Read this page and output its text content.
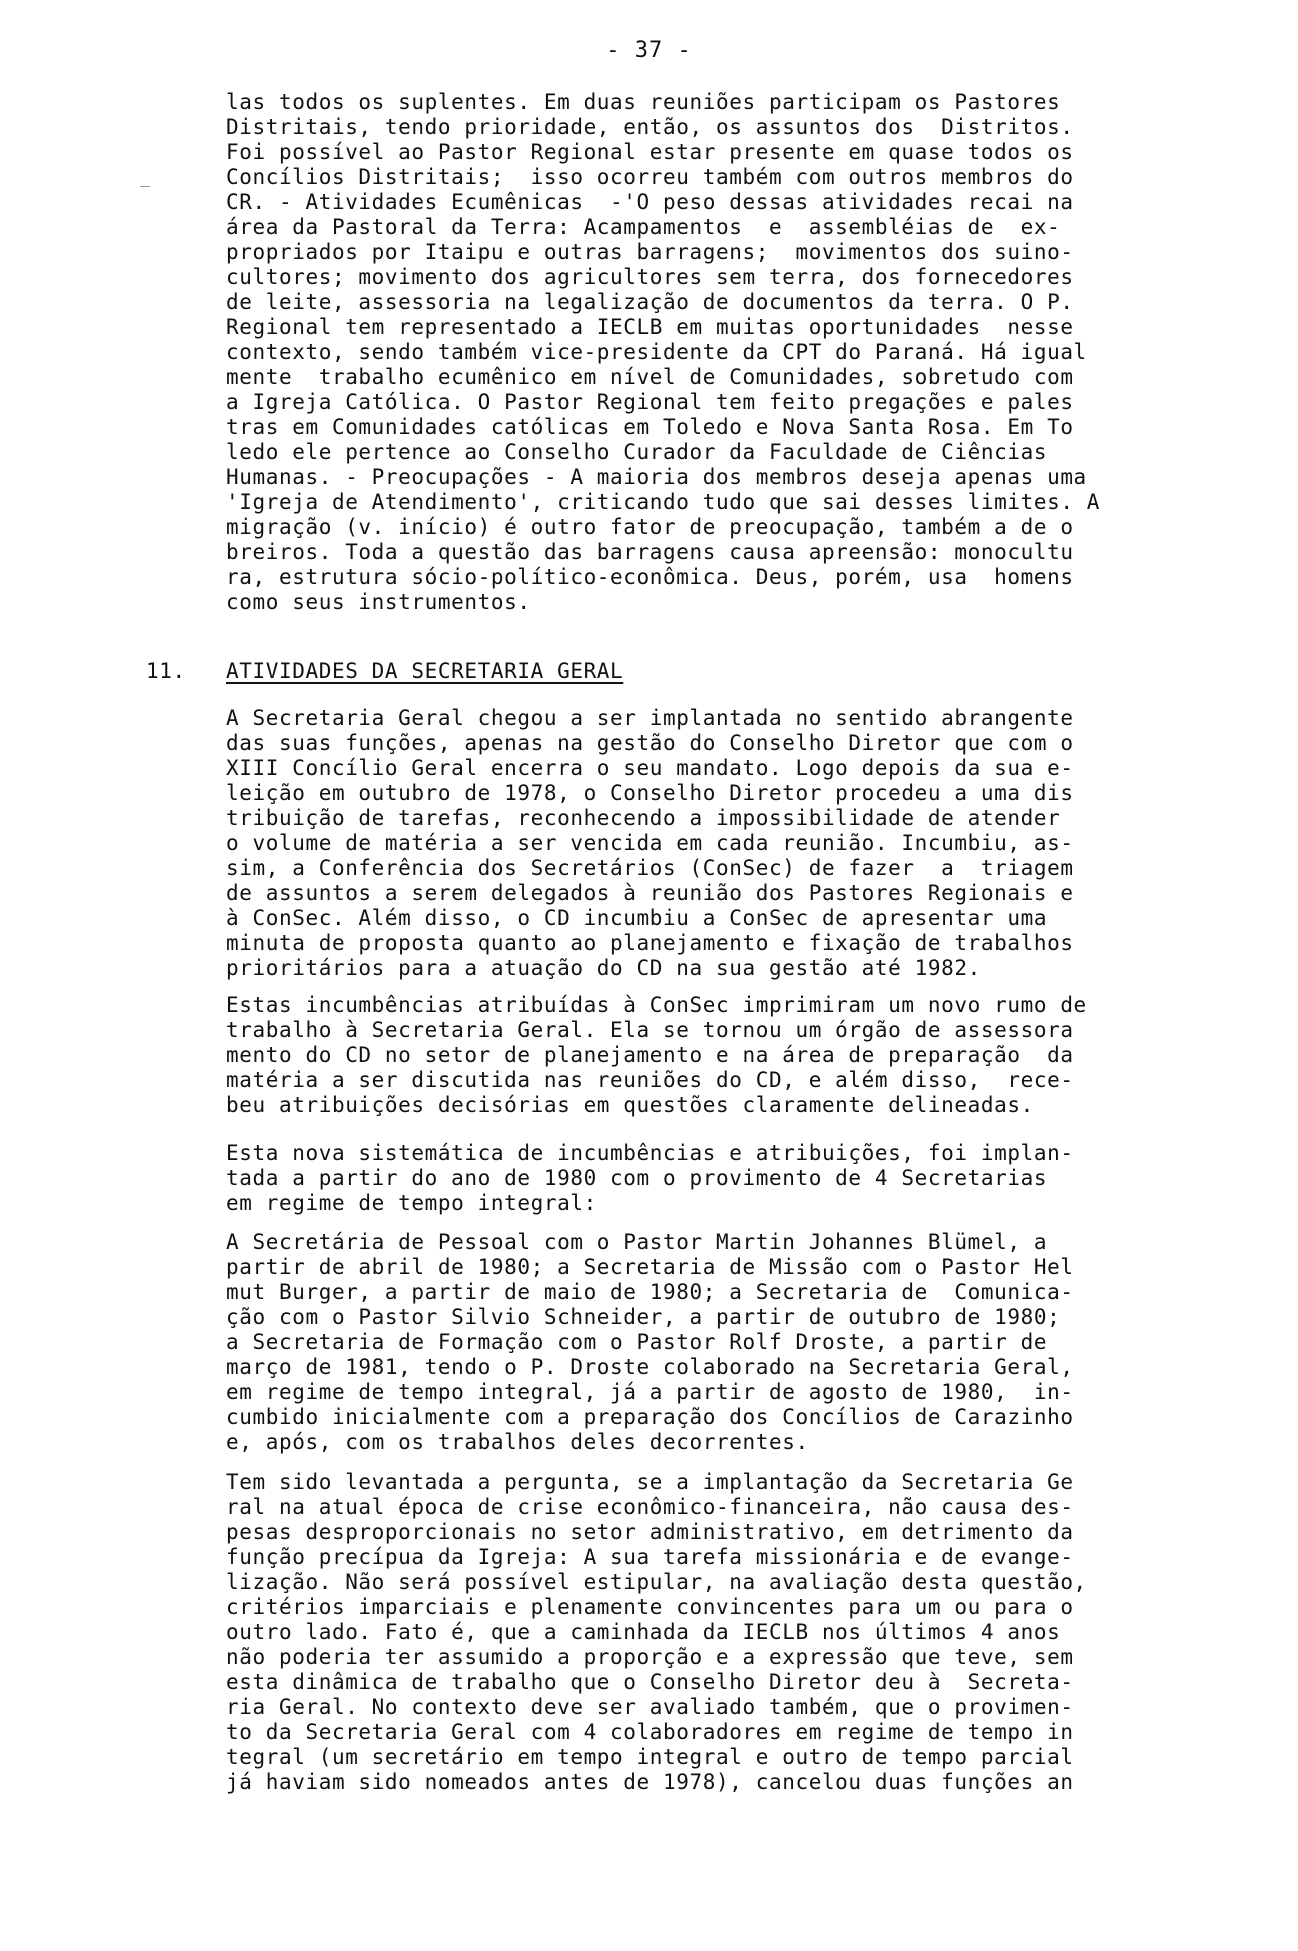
- 37 -
las todos os suplentes. Em duas reuniões participam os Pastores
Distritais, tendo prioridade, então, os assuntos dos  Distritos.
Foi possível ao Pastor Regional estar presente em quase todos os
Concílios Distritais;  isso ocorreu também com outros membros do
CR. - Atividades Ecumênicas  -'O peso dessas atividades recai na
área da Pastoral da Terra: Acampamentos  e  assembléias de  ex-
propriados por Itaipu e outras barragens;  movimentos dos suino-
cultores; movimento dos agricultores sem terra, dos fornecedores
de leite, assessoria na legalização de documentos da terra. O P.
Regional tem representado a IECLB em muitas oportunidades  nesse
contexto, sendo também vice-presidente da CPT do Paraná. Há igual
mente  trabalho ecumênico em nível de Comunidades, sobretudo com
a Igreja Católica. O Pastor Regional tem feito pregações e pales
tras em Comunidades católicas em Toledo e Nova Santa Rosa. Em To
ledo ele pertence ao Conselho Curador da Faculdade de Ciências
Humanas. - Preocupações - A maioria dos membros deseja apenas uma
'Igreja de Atendimento', criticando tudo que sai desses limites. A
migração (v. início) é outro fator de preocupação, também a de o
breiros. Toda a questão das barragens causa apreensão: monocultu
ra, estrutura sócio-político-econômica. Deus, porém, usa  homens
como seus instrumentos.
11. ATIVIDADES DA SECRETARIA GERAL
A Secretaria Geral chegou a ser implantada no sentido abrangente
das suas funções, apenas na gestão do Conselho Diretor que com o
XIII Concílio Geral encerra o seu mandato. Logo depois da sua e-
leição em outubro de 1978, o Conselho Diretor procedeu a uma dis
tribuição de tarefas, reconhecendo a impossibilidade de atender
o volume de matéria a ser vencida em cada reunião. Incumbiu, as-
sim, a Conferência dos Secretários (ConSec) de fazer  a  triagem
de assuntos a serem delegados à reunião dos Pastores Regionais e
à ConSec. Além disso, o CD incumbiu a ConSec de apresentar uma
minuta de proposta quanto ao planejamento e fixação de trabalhos
prioritários para a atuação do CD na sua gestão até 1982.
Estas incumbências atribuídas à ConSec imprimiram um novo rumo de
trabalho à Secretaria Geral. Ela se tornou um órgão de assessora
mento do CD no setor de planejamento e na área de preparação  da
matéria a ser discutida nas reuniões do CD, e além disso,  rece-
beu atribuições decisórias em questões claramente delineadas.
Esta nova sistemática de incumbências e atribuições, foi implan-
tada a partir do ano de 1980 com o provimento de 4 Secretarias
em regime de tempo integral:
A Secretária de Pessoal com o Pastor Martin Johannes Blümel, a
partir de abril de 1980; a Secretaria de Missão com o Pastor Hel
mut Burger, a partir de maio de 1980; a Secretaria de  Comunica-
ção com o Pastor Silvio Schneider, a partir de outubro de 1980;
a Secretaria de Formação com o Pastor Rolf Droste, a partir de
março de 1981, tendo o P. Droste colaborado na Secretaria Geral,
em regime de tempo integral, já a partir de agosto de 1980,  in-
cumbido inicialmente com a preparação dos Concílios de Carazinho
e, após, com os trabalhos deles decorrentes.
Tem sido levantada a pergunta, se a implantação da Secretaria Ge
ral na atual época de crise econômico-financeira, não causa des-
pesas desproporcionais no setor administrativo, em detrimento da
função precípua da Igreja: A sua tarefa missionária e de evange-
lização. Não será possível estipular, na avaliação desta questão,
critérios imparciais e plenamente convincentes para um ou para o
outro lado. Fato é, que a caminhada da IECLB nos últimos 4 anos
não poderia ter assumido a proporção e a expressão que teve, sem
esta dinâmica de trabalho que o Conselho Diretor deu à  Secreta-
ria Geral. No contexto deve ser avaliado também, que o provimen-
to da Secretaria Geral com 4 colaboradores em regime de tempo in
tegral (um secretário em tempo integral e outro de tempo parcial
já haviam sido nomeados antes de 1978), cancelou duas funções an
